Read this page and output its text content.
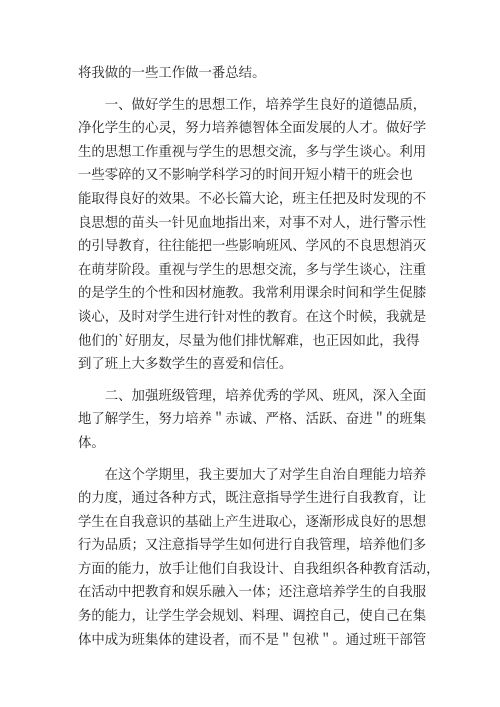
将我做的一些工作做一番总结。
　　一、做好学生的思想工作，培养学生良好的道德品质，
净化学生的心灵，努力培养德智体全面发展的人才。做好学
生的思想工作重视与学生的思想交流，多与学生谈心。利用
一些零碎的又不影响学科学习的时间开短小精干的班会也
能取得良好的效果。不必长篇大论，班主任把及时发现的不
良思想的苗头一针见血地指出来，对事不对人，进行警示性
的引导教育，往往能把一些影响班风、学风的不良思想消灭
在萌芽阶段。重视与学生的思想交流，多与学生谈心，注重
的是学生的个性和因材施教。我常利用课余时间和学生促膝
谈心，及时对学生进行针对性的教育。在这个时候，我就是
他们的`好朋友，尽量为他们排忧解难，也正因如此，我得
到了班上大多数学生的喜爱和信任。
　　二、加强班级管理，培养优秀的学风、班风，深入全面
地了解学生，努力培养＂赤诚、严格、活跃、奋进＂的班集
体。
　　在这个学期里，我主要加大了对学生自治自理能力培养
的力度，通过各种方式，既注意指导学生进行自我教育，让
学生在自我意识的基础上产生进取心，逐渐形成良好的思想
行为品质；又注意指导学生如何进行自我管理，培养他们多
方面的能力，放手让他们自我设计、自我组织各种教育活动，
在活动中把教育和娱乐融入一体；还注意培养学生的自我服
务的能力，让学生学会规划、料理、调控自己，使自己在集
体中成为班集体的建设者，而不是＂包袱＂。通过班干部管
